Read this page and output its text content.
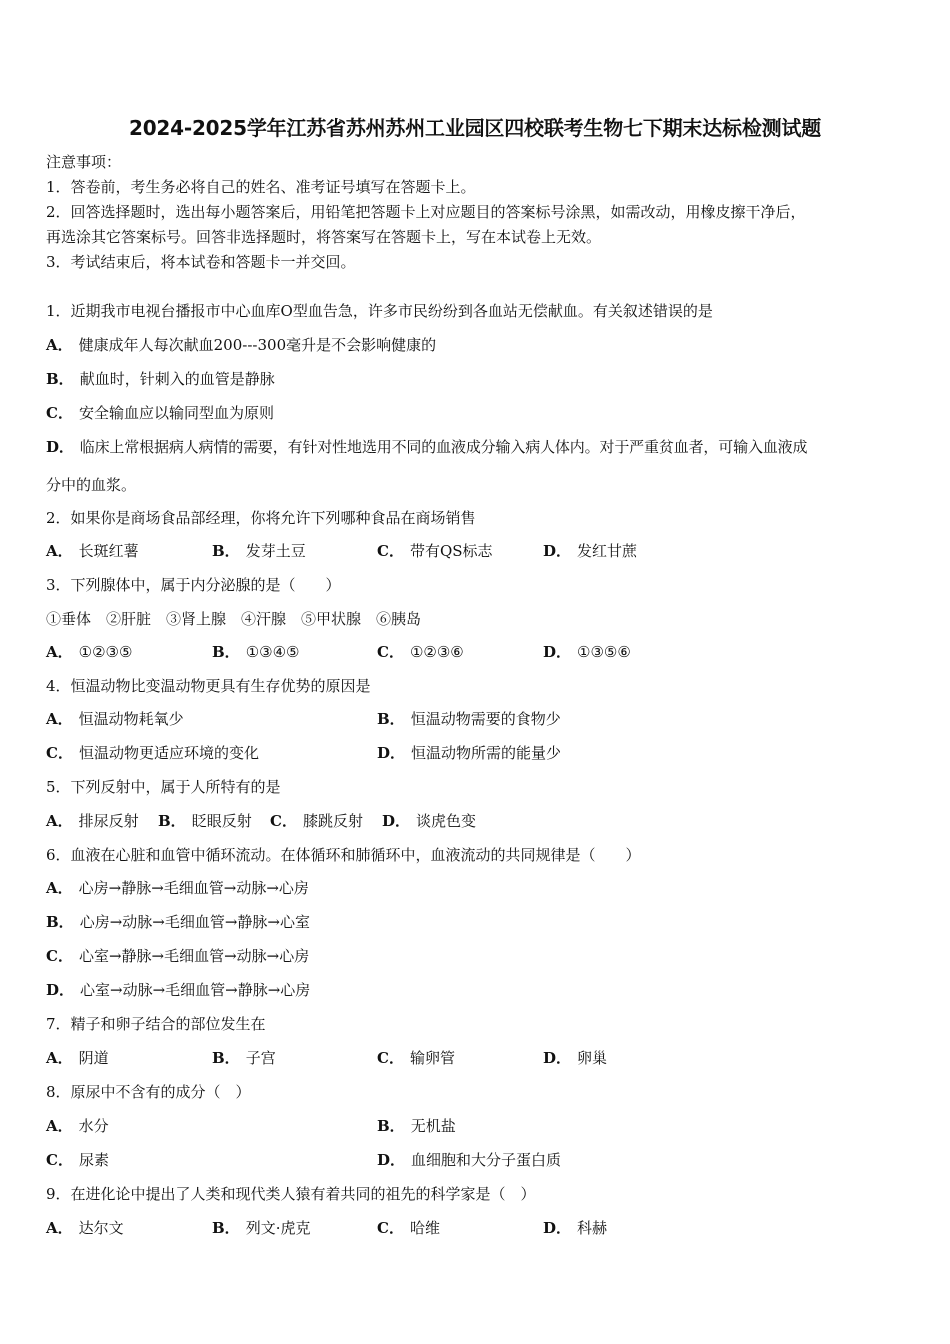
2024-2025学年江苏省苏州苏州工业园区四校联考生物七下期末达标检测试题
注意事项：
1．答卷前，考生务必将自己的姓名、准考证号填写在答题卡上。
2．回答选择题时，选出每小题答案后，用铅笔把答题卡上对应题目的答案标号涂黑，如需改动，用橡皮擦干净后，
再选涂其它答案标号。回答非选择题时，将答案写在答题卡上，写在本试卷上无效。
3．考试结束后，将本试卷和答题卡一并交回。
1．近期我市电视台播报市中心血库O型血告急，许多市民纷纷到各血站无偿献血。有关叙述错误的是
A． 健康成年人每次献血200---300毫升是不会影响健康的
B． 献血时，针刺入的血管是静脉
C． 安全输血应以输同型血为原则
D． 临床上常根据病人病情的需要，有针对性地选用不同的血液成分输入病人体内。对于严重贫血者，可输入血液成
分中的血浆。
2．如果你是商场食品部经理，你将允许下列哪种食品在商场销售
A． 长斑红薯	B． 发芽土豆	C． 带有QS标志	D． 发红甘蔗
3．下列腺体中，属于内分泌腺的是（　　）
①垂体　②肝脏　③肾上腺　④汗腺　⑤甲状腺　⑥胰岛
A． ①②③⑤	B． ①③④⑤	C． ①②③⑥	D． ①③⑤⑥
4．恒温动物比变温动物更具有生存优势的原因是
A． 恒温动物耗氧少	B． 恒温动物需要的食物少
C． 恒温动物更适应环境的变化	D． 恒温动物所需的能量少
5．下列反射中，属于人所特有的是
A． 排尿反射 B． 眨眼反射 C． 膝跳反射 D． 谈虎色变
6．血液在心脏和血管中循环流动。在体循环和肺循环中，血液流动的共同规律是（　　）
A． 心房→静脉→毛细血管→动脉→心房
B． 心房→动脉→毛细血管→静脉→心室
C． 心室→静脉→毛细血管→动脉→心房
D． 心室→动脉→毛细血管→静脉→心房
7．精子和卵子结合的部位发生在
A． 阴道	B． 子宫	C． 输卵管	D． 卵巢
8．原尿中不含有的成分（　）
A． 水分	B． 无机盐
C． 尿素	D． 血细胞和大分子蛋白质
9．在进化论中提出了人类和现代类人猿有着共同的祖先的科学家是（　）
A． 达尔文	B． 列文·虎克	C． 哈维	D． 科赫
